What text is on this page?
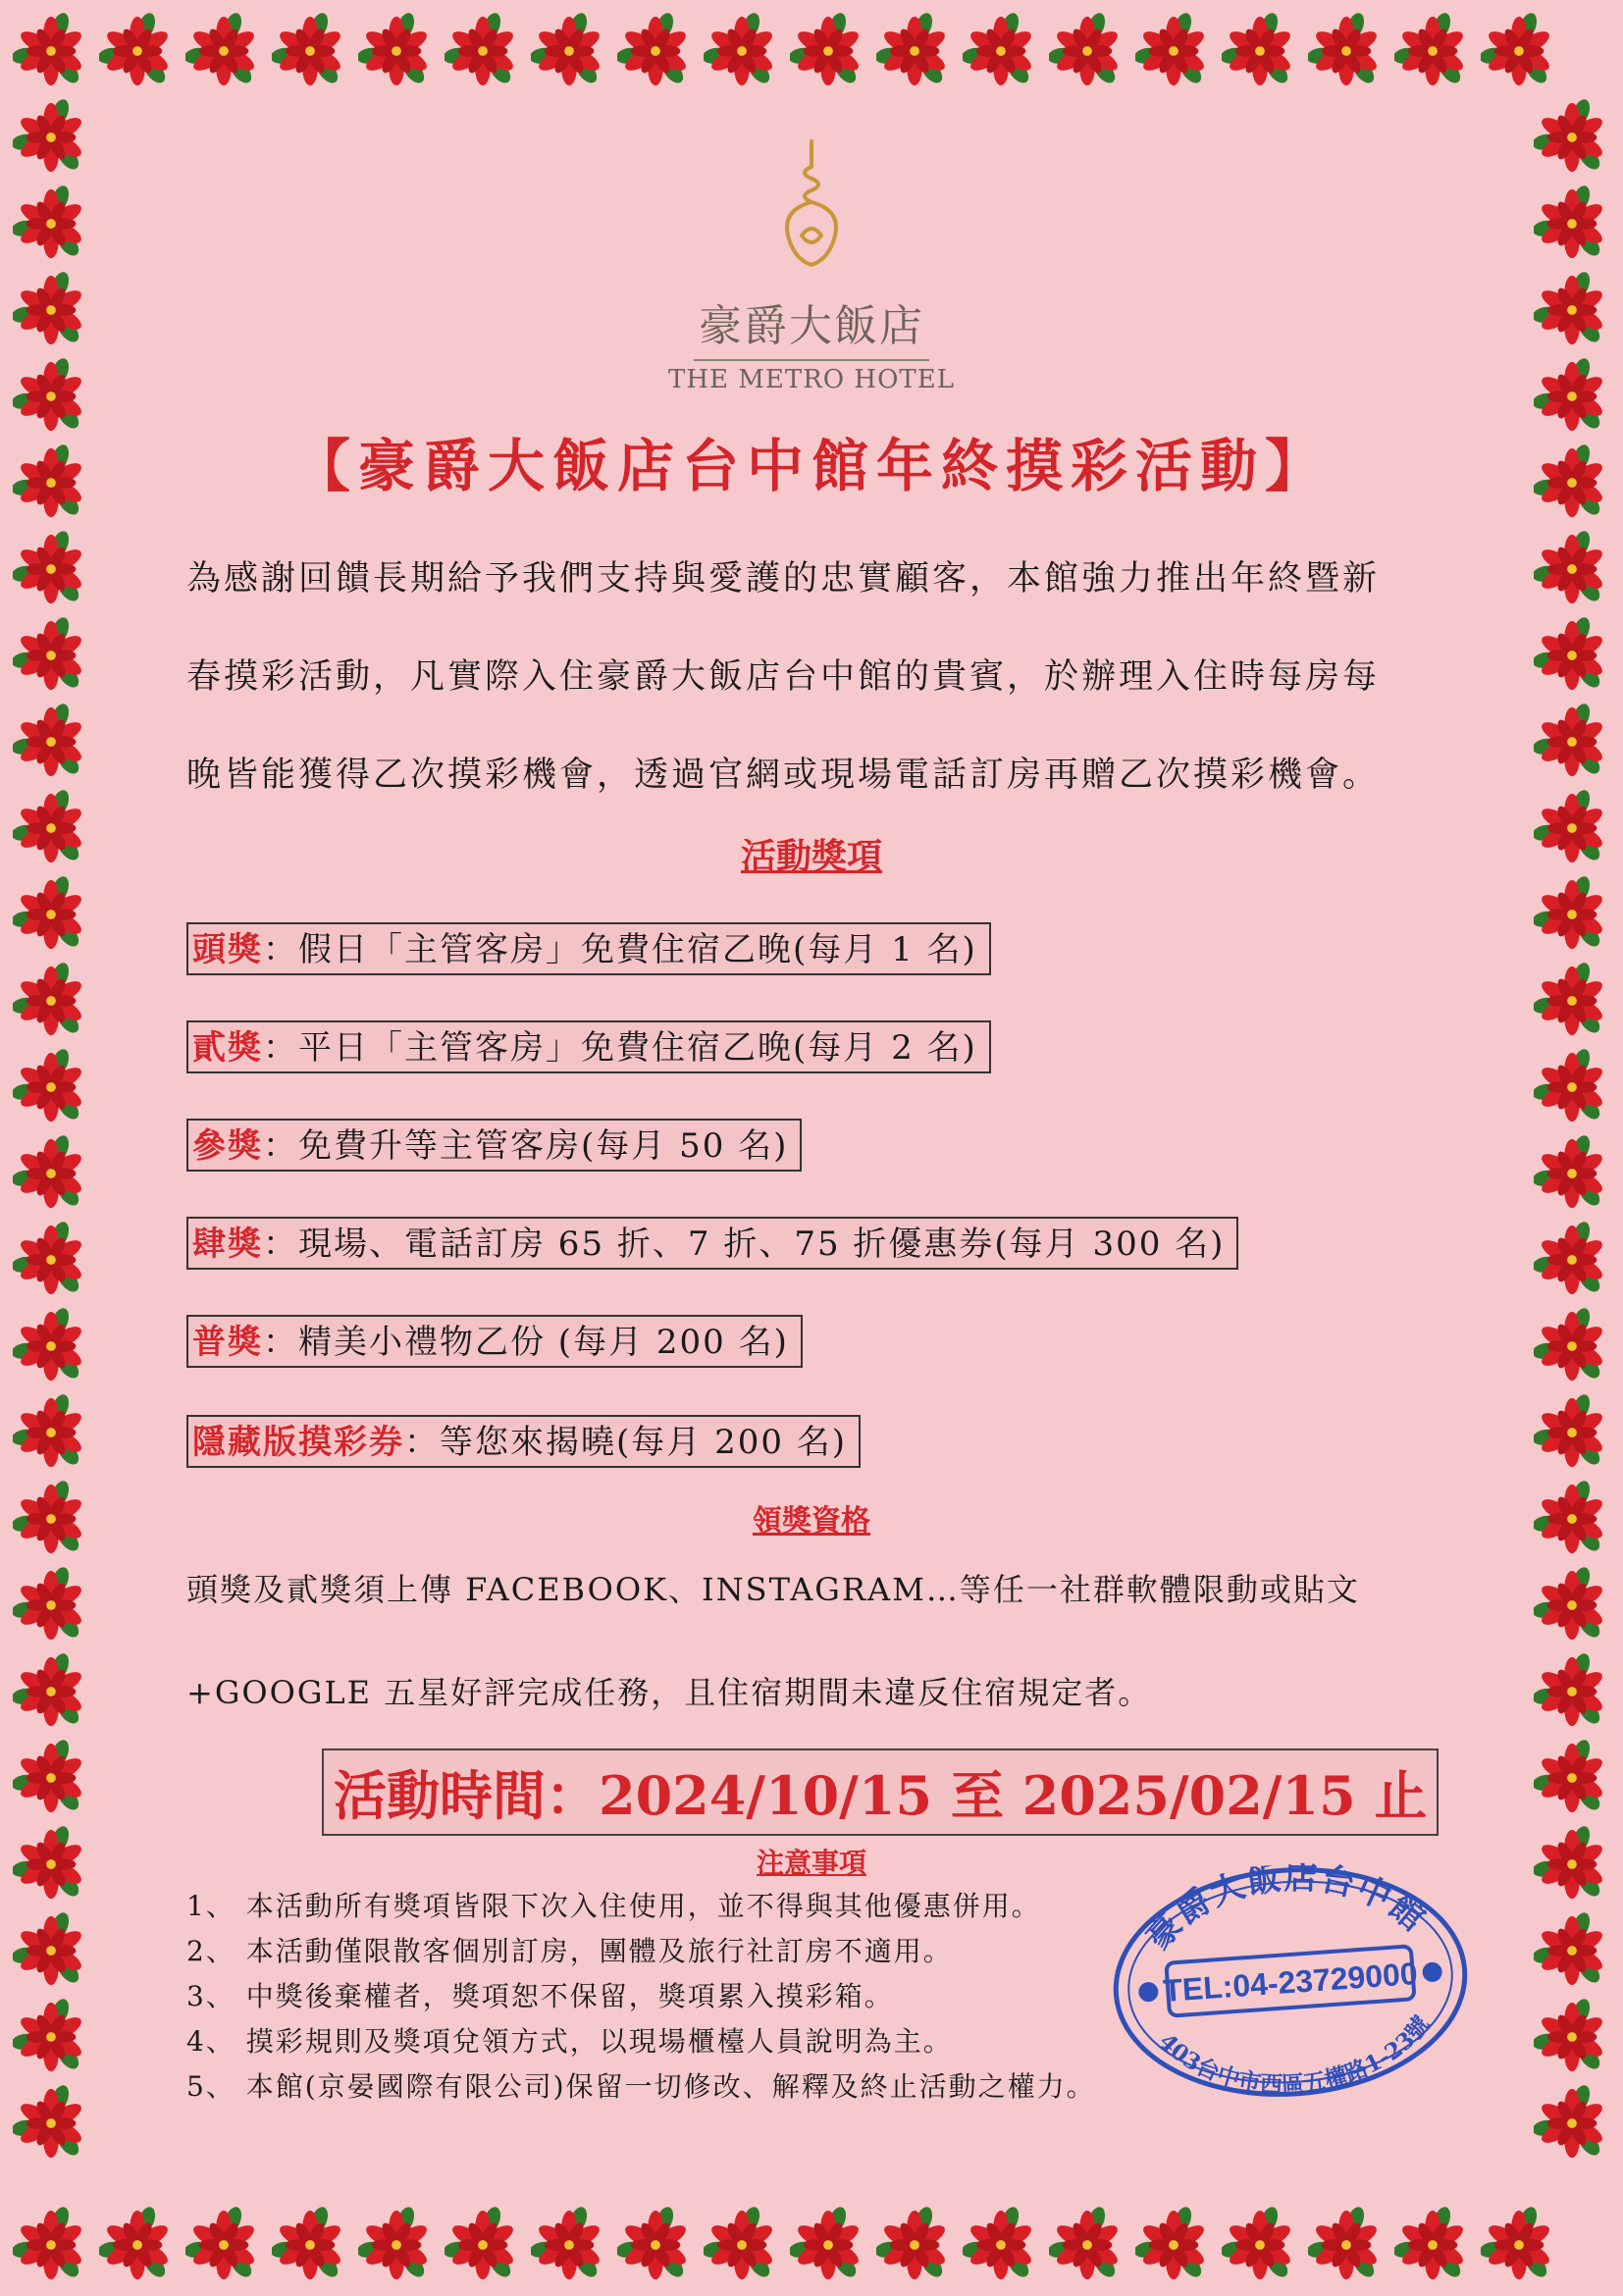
豪爵大飯店
THE METRO HOTEL
【豪爵大飯店台中館年終摸彩活動】
為感謝回饋長期給予我們支持與愛護的忠實顧客，本館強力推出年終暨新
春摸彩活動，凡實際入住豪爵大飯店台中館的貴賓，於辦理入住時每房每
晚皆能獲得乙次摸彩機會，透過官網或現場電話訂房再贈乙次摸彩機會。
活動獎項
頭獎：假日「主管客房」免費住宿乙晚(每月 1 名)
貳獎：平日「主管客房」免費住宿乙晚(每月 2 名)
參獎：免費升等主管客房(每月 50 名)
肆獎：現場、電話訂房 65 折、7 折、75 折優惠券(每月 300 名)
普獎：精美小禮物乙份 (每月 200 名)
隱藏版摸彩券：等您來揭曉(每月 200 名)
領獎資格
頭獎及貳獎須上傳 FACEBOOK、INSTAGRAM…等任一社群軟體限動或貼文
+GOOGLE 五星好評完成任務，且住宿期間未違反住宿規定者。
活動時間：2024/10/15 至 2025/02/15 止
注意事項
1、 本活動所有獎項皆限下次入住使用，並不得與其他優惠併用。
2、 本活動僅限散客個別訂房，團體及旅行社訂房不適用。
3、 中獎後棄權者，獎項恕不保留，獎項累入摸彩箱。
4、 摸彩規則及獎項兌領方式，以現場櫃檯人員說明為主。
5、 本館(京晏國際有限公司)保留一切修改、解釋及終止活動之權力。
豪爵大飯店台中館
TEL:04-23729000
403台中市西區五權路1-23號
